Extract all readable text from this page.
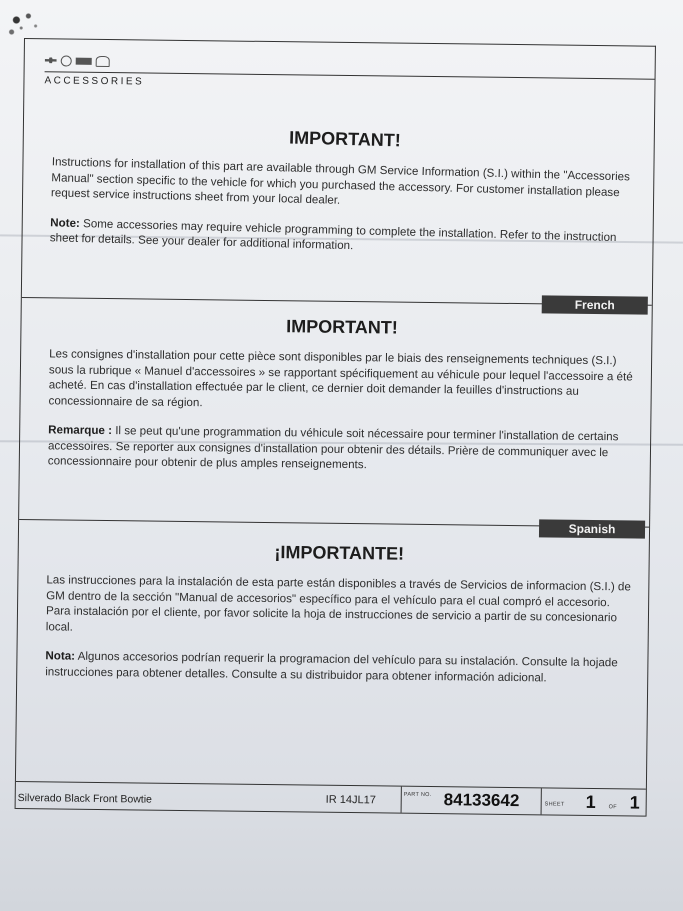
ACCESSORIES
IMPORTANT!

Instructions for installation of this part are available through GM Service Information (S.I.) within the "Accessories Manual" section specific to the vehicle for which you purchased the accessory. For customer installation please request service instructions sheet from your local dealer.

Note: Some accessories may require vehicle programming to complete the installation. Refer to the instruction sheet for details. See your dealer for additional information.

French
IMPORTANT!

Les consignes d'installation pour cette pièce sont disponibles par le biais des renseignements techniques (S.I.) sous la rubrique « Manuel d'accessoires » se rapportant spécifiquement au véhicule pour lequel l'accessoire a été acheté. En cas d'installation effectuée par le client, ce dernier doit demander la feuilles d'instructions au concessionnaire de sa région.

Remarque : Il se peut qu'une programmation du véhicule soit nécessaire pour terminer l'installation de certains accessoires. Se reporter aux consignes d'installation pour obtenir des détails. Prière de communiquer avec le concessionnaire pour obtenir de plus amples renseignements.

Spanish
¡IMPORTANTE!

Las instrucciones para la instalación de esta parte están disponibles a través de Servicios de informacion (S.I.) de GM dentro de la sección "Manual de accesorios" específico para el vehículo para el cual compró el accesorio. Para instalación por el cliente, por favor solicite la hoja de instrucciones de servicio a partir de su concesionario local.

Nota: Algunos accesorios podrían requerir la programacion del vehículo para su instalación. Consulte la hojade instrucciones para obtener detalles. Consulte a su distribuidor para obtener información adicional.

Silverado Black Front Bowtie	IR 14JL17	PART NO. 84133642	SHEET 1 OF 1
